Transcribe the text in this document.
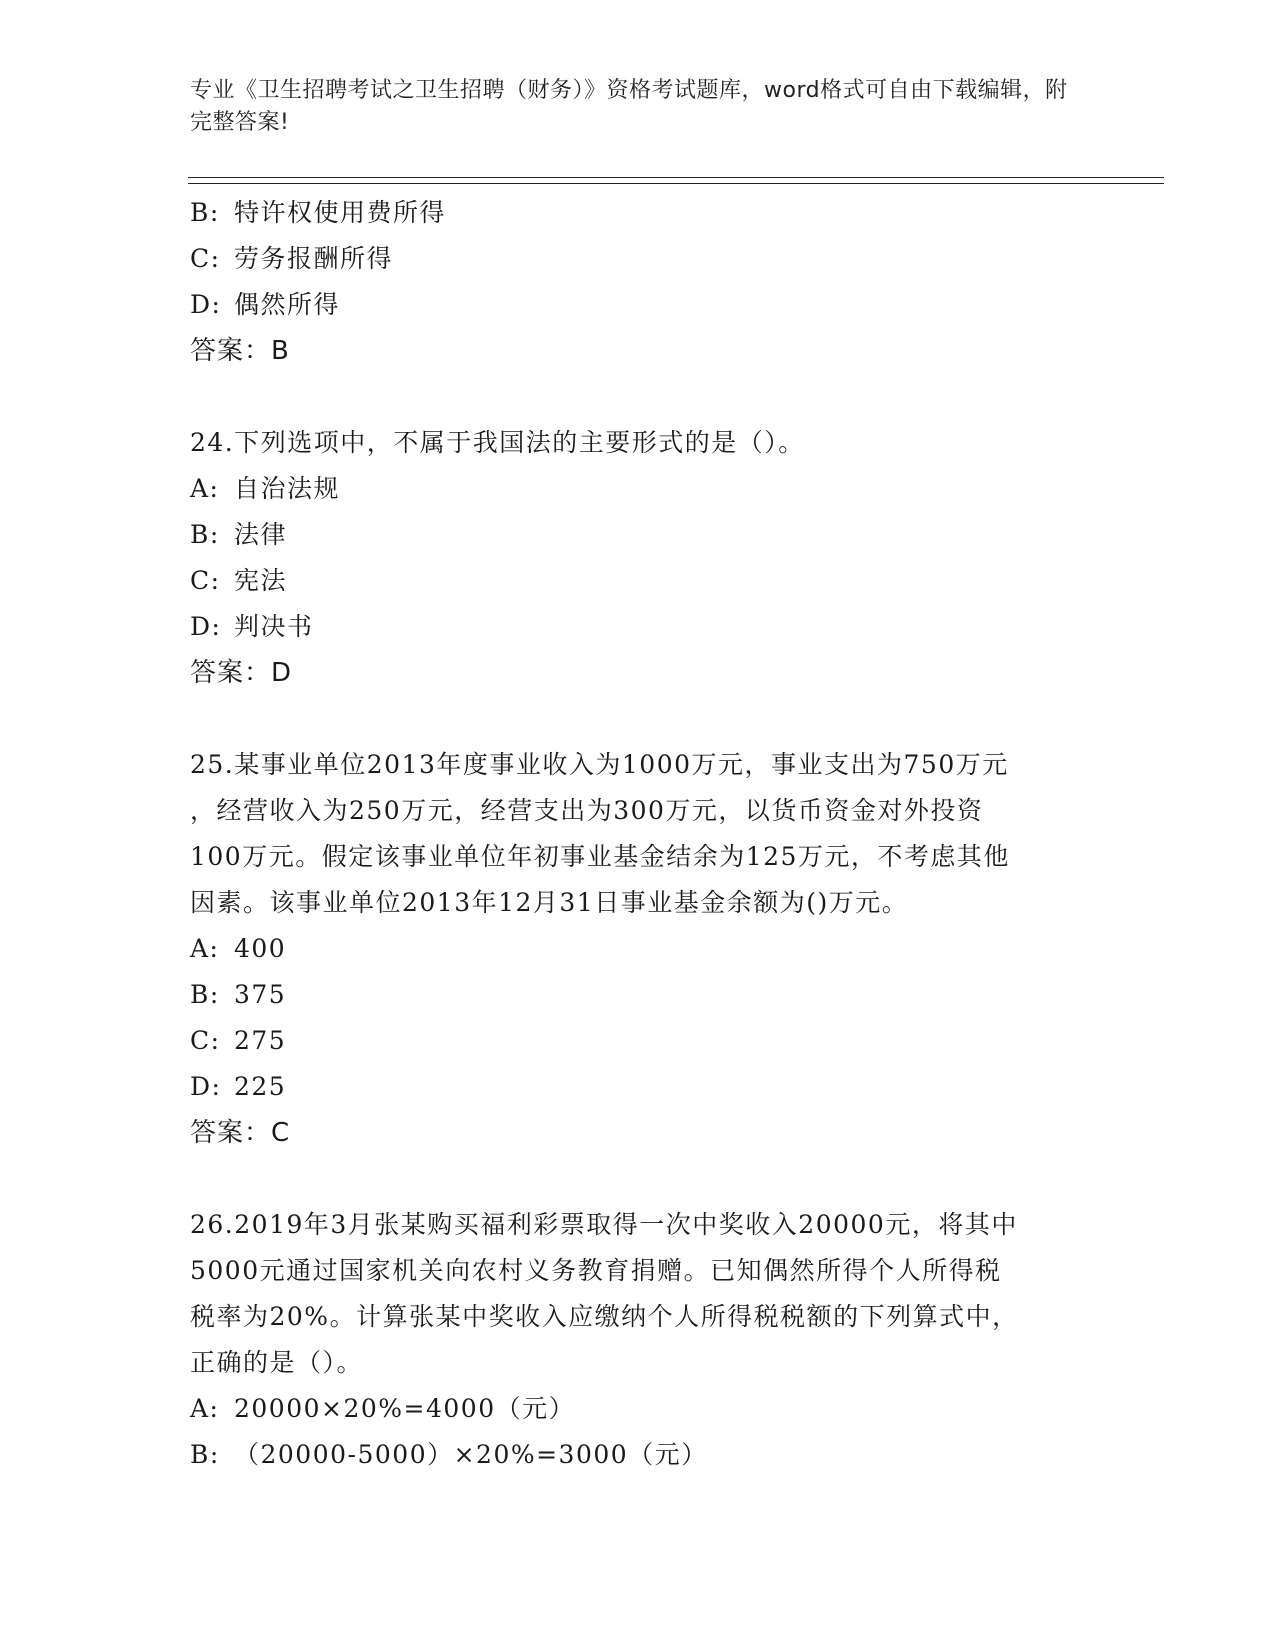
专业《卫生招聘考试之卫生招聘（财务）》资格考试题库，word格式可自由下载编辑，附完整答案!
B: 特许权使用费所得
C: 劳务报酬所得
D: 偶然所得
答案：B
24.下列选项中，不属于我国法的主要形式的是（）。
A: 自治法规
B: 法律
C: 宪法
D: 判决书
答案：D
25.某事业单位2013年度事业收入为1000万元，事业支出为750万元
，经营收入为250万元，经营支出为300万元，以货币资金对外投资
100万元。假定该事业单位年初事业基金结余为125万元，不考虑其他
因素。该事业单位2013年12月31日事业基金余额为()万元。
A: 400
B: 375
C: 275
D: 225
答案：C
26.2019年3月张某购买福利彩票取得一次中奖收入20000元，将其中
5000元通过国家机关向农村义务教育捐赠。已知偶然所得个人所得税
税率为20%。计算张某中奖收入应缴纳个人所得税税额的下列算式中，
正确的是（）。
A: 20000×20%=4000（元）
B: （20000-5000）×20%=3000（元）
